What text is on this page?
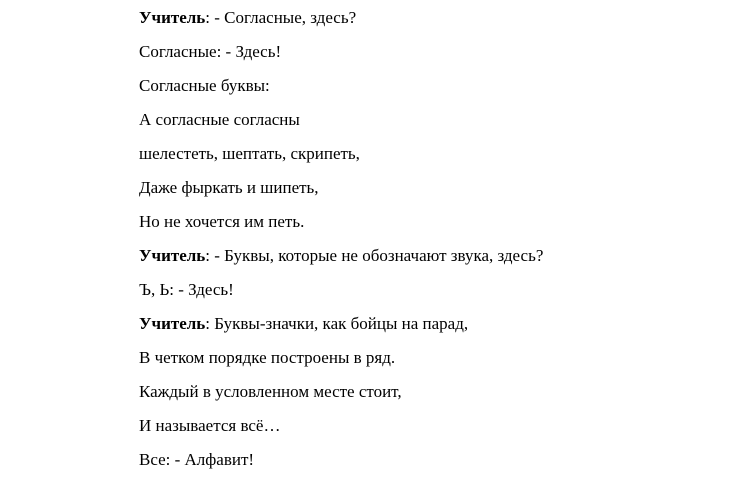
Учитель: - Согласные, здесь?
Согласные: - Здесь!
Согласные буквы:
А согласные согласны
шелестеть, шептать, скрипеть,
Даже фыркать и шипеть,
Но не хочется им петь.
Учитель: - Буквы, которые не обозначают звука, здесь?
Ъ, Ь: - Здесь!
Учитель: Буквы-значки, как бойцы на парад,
В четком порядке построены в ряд.
Каждый в условленном месте стоит,
И называется всё…
Все: - Алфавит!
